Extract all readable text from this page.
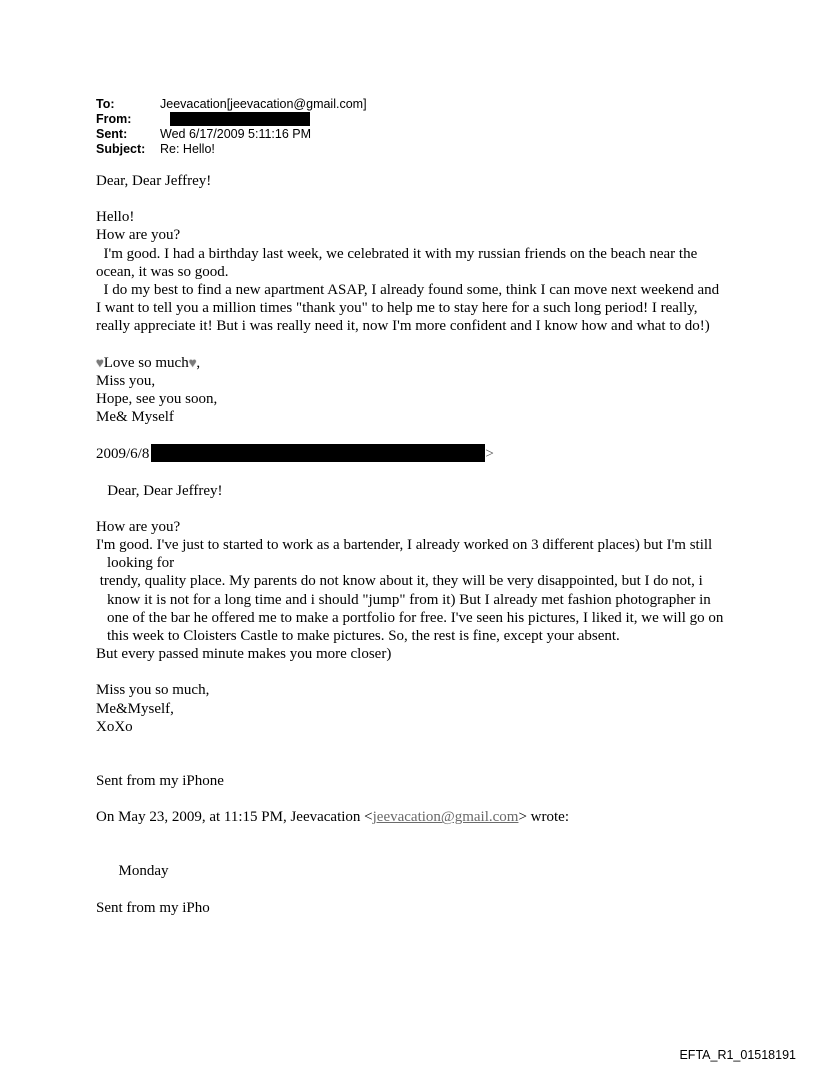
To:	Jeevacation[jeevacation@gmail.com]
From:
Sent:	Wed 6/17/2009 5:11:16 PM
Subject:	Re: Hello!

Dear, Dear Jeffrey!

Hello!

How are you?

I'm good. I had a birthday last week, we celebrated it with my russian friends on the beach near the ocean, it was so good.

I do my best to find a new apartment ASAP, I already found some, think I can move next weekend and I want to tell you a million times "thank you" to help me to stay here for a such long period! I really, really appreciate it! But i was really need it, now I'm more confident and I know how and what to do!)

♥Love so much♥,

Miss you,

Hope, see you soon,

Me& Myself

2009/6/8	>

Dear, Dear Jeffrey!

How are you?

I'm good. I've just to started to work as a bartender, I already worked on 3 different places) but I'm still looking for

trendy, quality place. My parents do not know about it, they will be very disappointed, but I do not, i know it is not for a long time and i should "jump" from it) But I already met fashion photographer in one of the bar he offered me to make a portfolio for free. I've seen his pictures, I liked it, we will go on this week to Cloisters Castle to make pictures. So, the rest is fine, except your absent.

But every passed minute makes you more closer)

Miss you so much,

Me&Myself,

XoXo

Sent from my iPhone

On May 23, 2009, at 11:15 PM, Jeevacation <jeevacation@gmail.com> wrote:

Monday

Sent from my iPho

EFTA_R1_01518191
